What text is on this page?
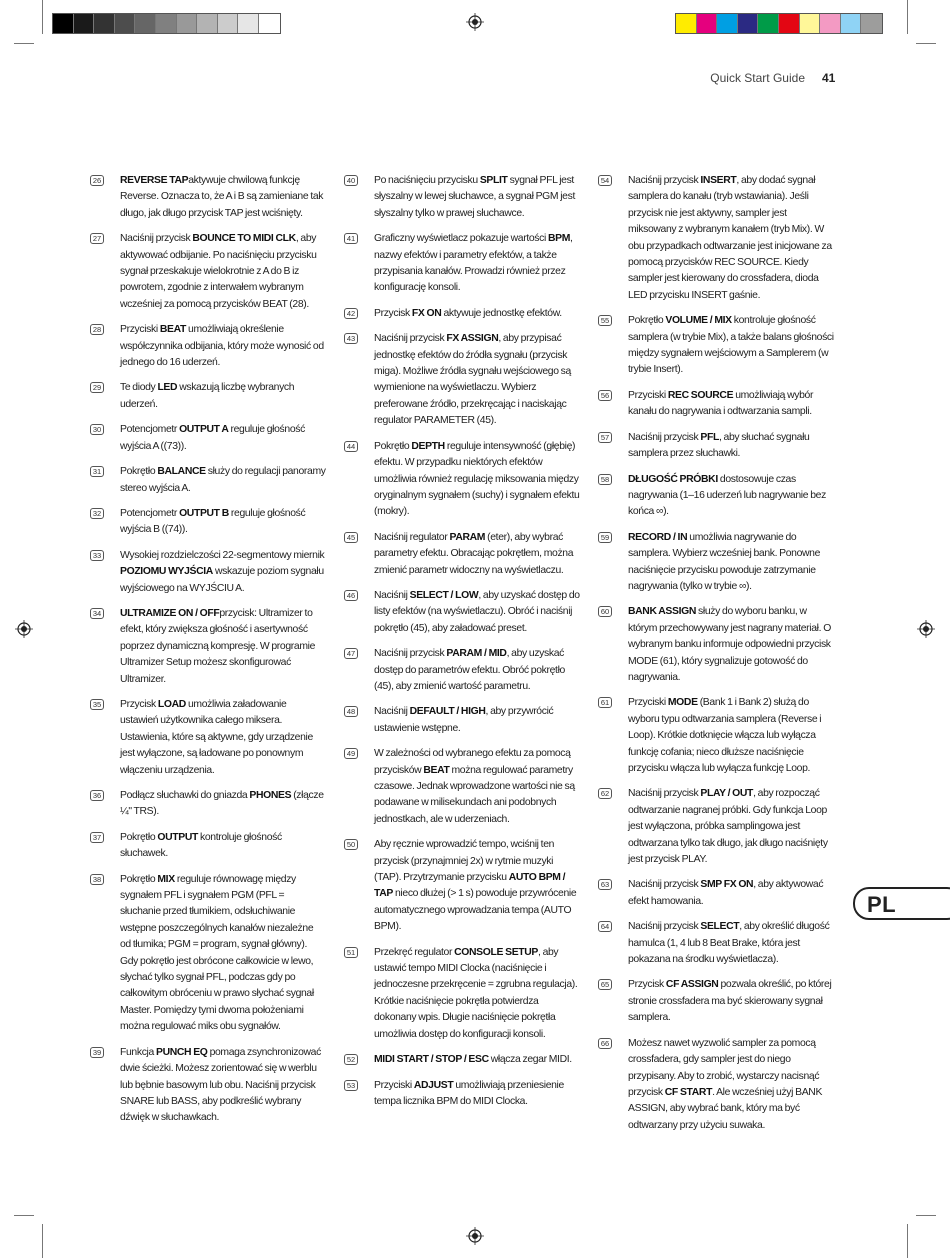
Quick Start Guide 41
26 REVERSE TAPaktywuje chwilową funkcję Reverse. Oznacza to, że A i B są zamieniane tak długo, jak długo przycisk TAP jest wciśnięty.
27 Naciśnij przycisk BOUNCE TO MIDI CLK, aby aktywować odbijanie. Po naciśnięciu przycisku sygnał przeskakuje wielokrotnie z A do B iz powrotem, zgodnie z interwałem wybranym wcześniej za pomocą przycisków BEAT (28).
28 Przyciski BEAT umożliwiają określenie współczynnika odbijania, który może wynosić od jednego do 16 uderzeń.
29 Te diody LED wskazują liczbę wybranych uderzeń.
30 Potencjometr OUTPUT A reguluje głośność wyjścia A ((73)).
31 Pokrętło BALANCE służy do regulacji panoramy stereo wyjścia A.
32 Potencjometr OUTPUT B reguluje głośność wyjścia B ((74)).
33 Wysokiej rozdzielczości 22-segmentowy miernik POZIOMU WYJŚCIA wskazuje poziom sygnału wyjściowego na WYJŚCIU A.
34 ULTRAMIZE ON / OFFprzycisk: Ultramizer to efekt, który zwiększa głośność i asertywność poprzez dynamiczną kompresję. W programie Ultramizer Setup możesz skonfigurować Ultramizer.
35 Przycisk LOAD umożliwia załadowanie ustawień użytkownika całego miksera. Ustawienia, które są aktywne, gdy urządzenie jest wyłączone, są ładowane po ponownym włączeniu urządzenia.
36 Podłącz słuchawki do gniazda PHONES (złącze ¼" TRS).
37 Pokrętło OUTPUT kontroluje głośność słuchawek.
38 Pokrętło MIX reguluje równowagę między sygnałem PFL i sygnałem PGM (PFL = słuchanie przed tłumikiem, odsłuchiwanie wstępne poszczególnych kanałów niezależne od tłumika; PGM = program, sygnał główny). Gdy pokrętło jest obrócone całkowicie w lewo, słychać tylko sygnał PFL, podczas gdy po całkowitym obróceniu w prawo słychać sygnał Master. Pomiędzy tymi dwoma położeniami można regulować miks obu sygnałów.
39 Funkcja PUNCH EQ pomaga zsynchronizować dwie ścieżki. Możesz zorientować się w werblu lub bębnie basowym lub obu. Naciśnij przycisk SNARE lub BASS, aby podkreślić wybrany dźwięk w słuchawkach.
40 Po naciśnięciu przycisku SPLIT sygnał PFL jest słyszalny w lewej słuchawce, a sygnał PGM jest słyszalny tylko w prawej słuchawce.
41 Graficzny wyświetlacz pokazuje wartości BPM, nazwy efektów i parametry efektów, a także przypisania kanałów. Prowadzi również przez konfigurację konsoli.
42 Przycisk FX ON aktywuje jednostkę efektów.
43 Naciśnij przycisk FX ASSIGN, aby przypisać jednostkę efektów do źródła sygnału (przycisk miga). Możliwe źródła sygnału wejściowego są wymienione na wyświetlaczu. Wybierz preferowane źródło, przekręcając i naciskając regulator PARAMETER (45).
44 Pokrętło DEPTH reguluje intensywność (głębię) efektu. W przypadku niektórych efektów umożliwia również regulację miksowania między oryginalnym sygnałem (suchy) i sygnałem efektu (mokry).
45 Naciśnij regulator PARAM (eter), aby wybrać parametry efektu. Obracając pokrętłem, można zmienić parametr widoczny na wyświetlaczu.
46 Naciśnij SELECT / LOW, aby uzyskać dostęp do listy efektów (na wyświetlaczu). Obróć i naciśnij pokrętło (45), aby załadować preset.
47 Naciśnij przycisk PARAM / MID, aby uzyskać dostęp do parametrów efektu. Obróć pokrętło (45), aby zmienić wartość parametru.
48 Naciśnij DEFAULT / HIGH, aby przywrócić ustawienie wstępne.
49 W zależności od wybranego efektu za pomocą przycisków BEAT można regulować parametry czasowe. Jednak wprowadzone wartości nie są podawane w milisekundach ani podobnych jednostkach, ale w uderzeniach.
50 Aby ręcznie wprowadzić tempo, wciśnij ten przycisk (przynajmniej 2x) w rytmie muzyki (TAP). Przytrzymanie przycisku AUTO BPM / TAP nieco dłużej (> 1 s) powoduje przywrócenie automatycznego wprowadzania tempa (AUTO BPM).
51 Przekręć regulator CONSOLE SETUP, aby ustawić tempo MIDI Clocka (naciśnięcie i jednoczesne przekręcenie = zgrubna regulacja). Krótkie naciśnięcie pokrętła potwierdza dokonany wpis. Długie naciśnięcie pokrętła umożliwia dostęp do konfiguracji konsoli.
52 MIDI START / STOP / ESC włącza zegar MIDI.
53 Przyciski ADJUST umożliwiają przeniesienie tempa licznika BPM do MIDI Clocka.
54 Naciśnij przycisk INSERT, aby dodać sygnał samplera do kanału (tryb wstawiania). Jeśli przycisk nie jest aktywny, sampler jest miksowany z wybranym kanałem (tryb Mix). W obu przypadkach odtwarzanie jest inicjowane za pomocą przycisków REC SOURCE. Kiedy sampler jest kierowany do crossfadera, dioda LED przycisku INSERT gaśnie.
55 Pokrętło VOLUME / MIX kontroluje głośność samplera (w trybie Mix), a także balans głośności między sygnałem wejściowym a Samplerem (w trybie Insert).
56 Przyciski REC SOURCE umożliwiają wybór kanału do nagrywania i odtwarzania sampli.
57 Naciśnij przycisk PFL, aby słuchać sygnału samplera przez słuchawki.
58 DŁUGOŚĆ PRÓBKI dostosowuje czas nagrywania (1–16 uderzeń lub nagrywanie bez końca ∞).
59 RECORD / IN umożliwia nagrywanie do samplera. Wybierz wcześniej bank. Ponowne naciśnięcie przycisku powoduje zatrzymanie nagrywania (tylko w trybie ∞).
60 BANK ASSIGN służy do wyboru banku, w którym przechowywany jest nagrany materiał. O wybranym banku informuje odpowiedni przycisk MODE (61), który sygnalizuje gotowość do nagrywania.
61 Przyciski MODE (Bank 1 i Bank 2) służą do wyboru typu odtwarzania samplera (Reverse i Loop). Krótkie dotknięcie włącza lub wyłącza funkcję cofania; nieco dłuższe naciśnięcie przycisku włącza lub wyłącza funkcję Loop.
62 Naciśnij przycisk PLAY / OUT, aby rozpocząć odtwarzanie nagranej próbki. Gdy funkcja Loop jest wyłączona, próbka samplingowa jest odtwarzana tylko tak długo, jak długo naciśnięty jest przycisk PLAY.
63 Naciśnij przycisk SMP FX ON, aby aktywować efekt hamowania.
64 Naciśnij przycisk SELECT, aby określić długość hamulca (1, 4 lub 8 Beat Brake, która jest pokazana na środku wyświetlacza).
65 Przycisk CF ASSIGN pozwala określić, po której stronie crossfadera ma być skierowany sygnał samplera.
66 Możesz nawet wyzwolić sampler za pomocą crossfadera, gdy sampler jest do niego przypisany. Aby to zrobić, wystarczy nacisnąć przycisk CF START. Ale wcześniej użyj BANK ASSIGN, aby wybrać bank, który ma być odtwarzany przy użyciu suwaka.
PL
